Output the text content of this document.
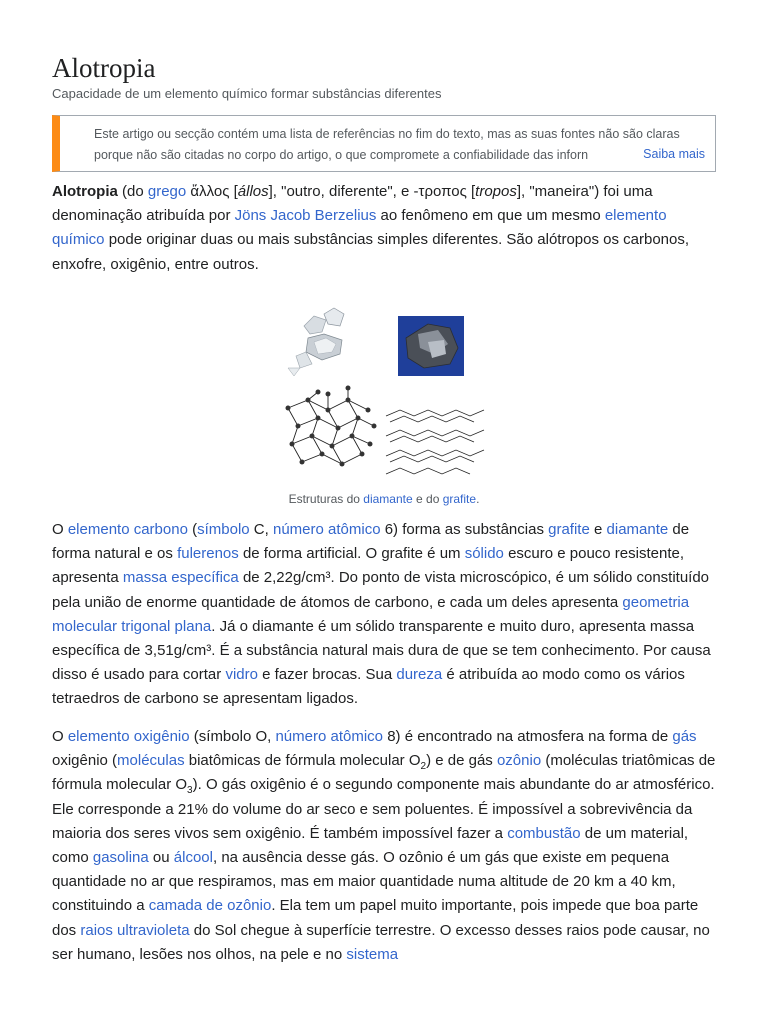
Alotropia
Capacidade de um elemento químico formar substâncias diferentes
Este artigo ou secção contém uma lista de referências no fim do texto, mas as suas fontes não são claras
porque não são citadas no corpo do artigo, o que compromete a confiabilidade das inforn	Saiba mais

Alotropia (do grego ἄλλος [állos], "outro, diferente", e -τροπος [tropos], "maneira") foi uma denominação atribuída por Jöns Jacob Berzelius ao fenômeno em que um mesmo elemento químico pode originar duas ou mais substâncias simples diferentes. São alótropos os carbonos, enxofre, oxigênio, entre outros.

Estruturas do diamante e do grafite.

O elemento carbono (símbolo C, número atômico 6) forma as substâncias grafite e diamante de forma natural e os fulerenos de forma artificial. O grafite é um sólido escuro e pouco resistente, apresenta massa específica de 2,22g/cm³. Do ponto de vista microscópico, é um sólido constituído pela união de enorme quantidade de átomos de carbono, e cada um deles apresenta geometria molecular trigonal plana. Já o diamante é um sólido transparente e muito duro, apresenta massa específica de 3,51g/cm³. É a substância natural mais dura de que se tem conhecimento. Por causa disso é usado para cortar vidro e fazer brocas. Sua dureza é atribuída ao modo como os vários tetraedros de carbono se apresentam ligados.

O elemento oxigênio (símbolo O, número atômico 8) é encontrado na atmosfera na forma de gás oxigênio (moléculas biatômicas de fórmula molecular $O_2$) e de gás ozônio (moléculas triatômicas de fórmula molecular $O_3$). O gás oxigênio é o segundo componente mais abundante do ar atmosférico. Ele corresponde a 21% do volume do ar seco e sem poluentes. É impossível a sobrevivência da maioria dos seres vivos sem oxigênio. É também impossível fazer a combustão de um material, como gasolina ou álcool, na ausência desse gás. O ozônio é um gás que existe em pequena quantidade no ar que respiramos, mas em maior quantidade numa altitude de 20 km a 40 km, constituindo a camada de ozônio. Ela tem um papel muito importante, pois impede que boa parte dos raios ultravioleta do Sol chegue à superfície terrestre. O excesso desses raios pode causar, no ser humano, lesões nos olhos, na pele e no sistema
